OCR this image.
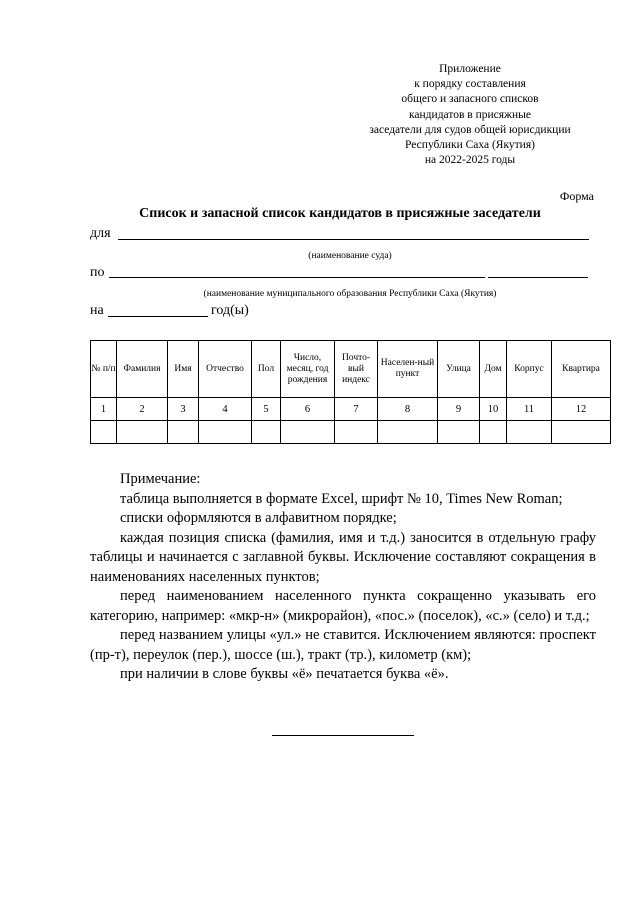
Приложение
к порядку составления
общего и запасного списков
кандидатов в присяжные
заседатели для судов общей юрисдикции
Республики Саха (Якутия)
на 2022-2025 годы
Форма
Список и запасной список кандидатов в присяжные заседатели
для
(наименование суда)
по
(наименование муниципального образования Республики Саха (Якутия)
на	год(ы)
№ п/п	Фамилия	Имя	Отчество	Пол	Число, месяц, год рождения	Почто-вый индекс	Населен-ный пункт	Улица	Дом	Корпус	Квартира
1	2	3	4	5	6	7	8	9	10	11	12

Примечание:

таблица выполняется в формате Excel, шрифт № 10, Times New Roman;

списки оформляются в алфавитном порядке;

каждая позиция списка (фамилия, имя и т.д.) заносится в отдельную графу таблицы и начинается с заглавной буквы. Исключение составляют сокращения в наименованиях населенных пунктов;

перед наименованием населенного пункта сокращенно указывать его категорию, например: «мкр-н» (микрорайон), «пос.» (поселок), «с.» (село) и т.д.;

перед названием улицы «ул.» не ставится. Исключением являются: проспект (пр-т), переулок (пер.), шоссе (ш.), тракт (тр.), километр (км);

при наличии в слове буквы «ё» печатается буква «ё».
